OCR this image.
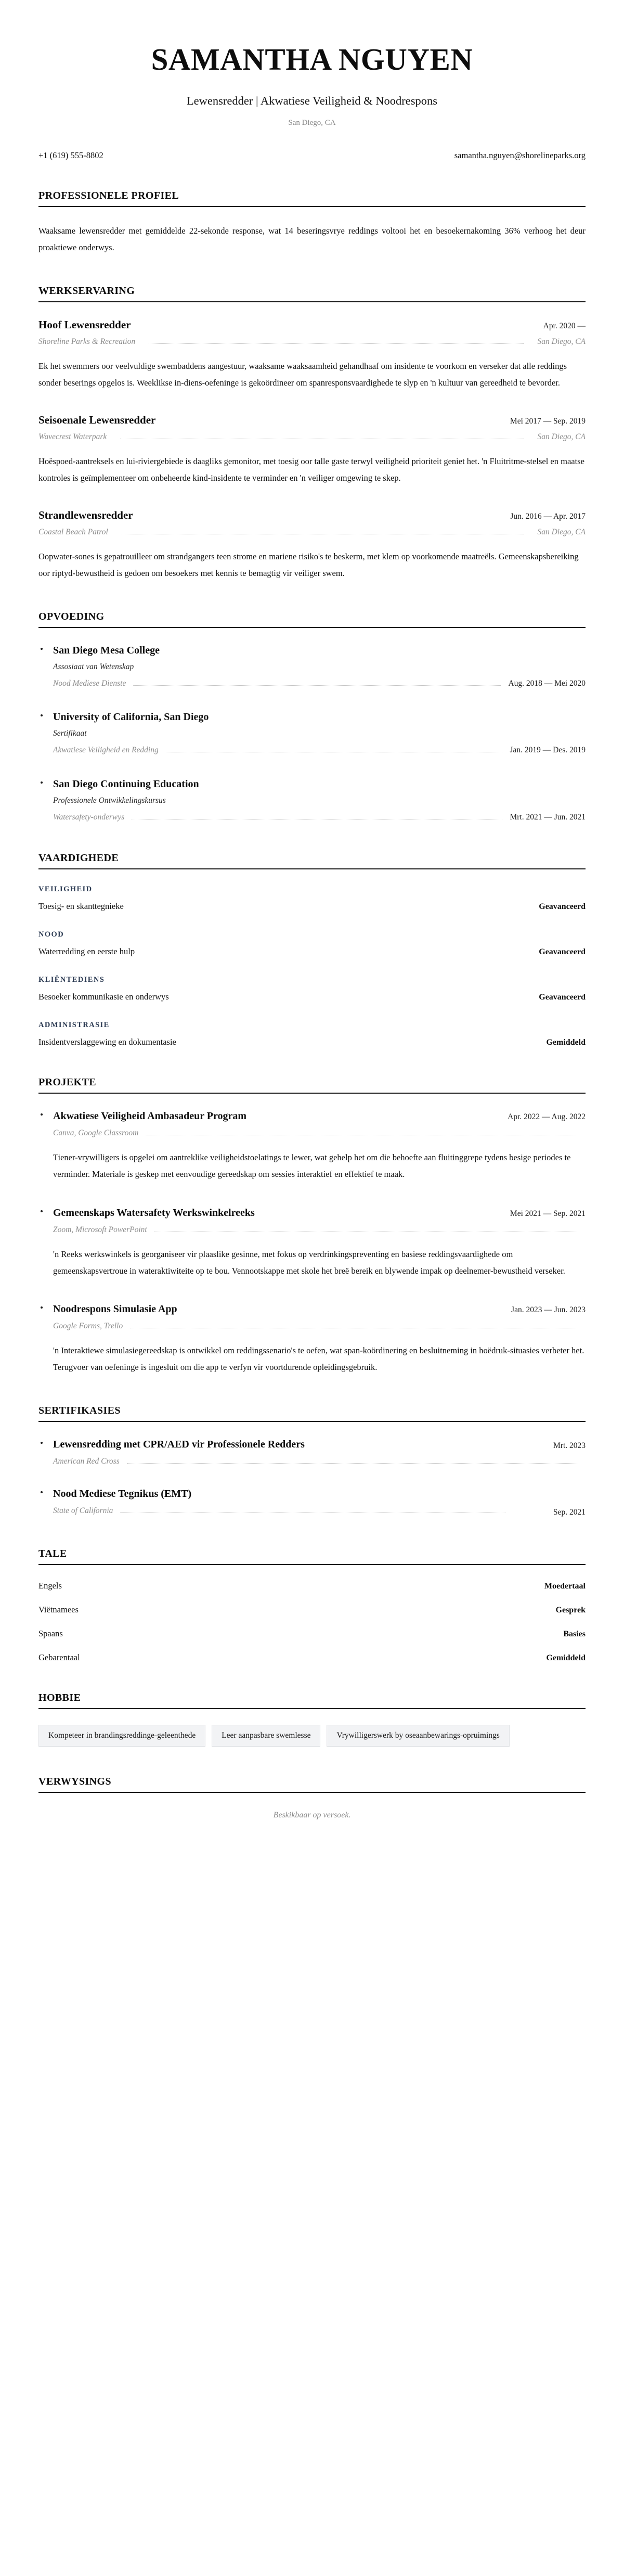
SAMANTHA NGUYEN
Lewensredder | Akwatiese Veiligheid & Noodrespons
San Diego, CA
+1 (619) 555-8802	samantha.nguyen@shorelineparks.org
PROFESSIONELE PROFIEL

Waaksame lewensredder met gemiddelde 22-sekonde response, wat 14 beseringsvrye reddings voltooi het en besoekernakoming 36% verhoog het deur proaktiewe onderwys.

WERKSERVARING
Hoof Lewensredder	Apr. 2020 —
Shoreline Parks & Recreation	San Diego, CA
Ek het swemmers oor veelvuldige swembaddens aangestuur, waaksame waaksaamheid gehandhaaf om insidente te voorkom en verseker dat alle reddings sonder beserings opgelos is. Weeklikse in-diens-oefeninge is gekoördineer om spanresponsvaardighede te slyp en 'n kultuur van gereedheid te bevorder.
Seisoenale Lewensredder	Mei 2017 — Sep. 2019
Wavecrest Waterpark	San Diego, CA
Hoëspoed-aantreksels en lui-riviergebiede is daagliks gemonitor, met toesig oor talle gaste terwyl veiligheid prioriteit geniet het. 'n Fluitritme-stelsel en maatse kontroles is geïmplementeer om onbeheerde kind-insidente te verminder en 'n veiliger omgewing te skep.
Strandlewensredder	Jun. 2016 — Apr. 2017
Coastal Beach Patrol	San Diego, CA
Oopwater-sones is gepatrouilleer om strandgangers teen strome en mariene risiko's te beskerm, met klem op voorkomende maatreëls. Gemeenskapsbereiking oor riptyd-bewustheid is gedoen om besoekers met kennis te bemagtig vir veiliger swem.
OPVOEDING
San Diego Mesa College
Assosiaat van Wetenskap
Nood Mediese Dienste	Aug. 2018 — Mei 2020
University of California, San Diego
Sertifikaat
Akwatiese Veiligheid en Redding	Jan. 2019 — Des. 2019
San Diego Continuing Education
Professionele Ontwikkelingskursus
Watersafety-onderwys	Mrt. 2021 — Jun. 2021
VAARDIGHEDE
VEILIGHEID
Toesig- en skanttegnieke	Geavanceerd
NOOD
Waterredding en eerste hulp	Geavanceerd
KLIËNTEDIENS
Besoeker kommunikasie en onderwys	Geavanceerd
ADMINISTRASIE
Insidentverslaggewing en dokumentasie	Gemiddeld
PROJEKTE
Akwatiese Veiligheid Ambasadeur Program	Apr. 2022 — Aug. 2022
Canva, Google Classroom
Tiener-vrywilligers is opgelei om aantreklike veiligheidstoelatings te lewer, wat gehelp het om die behoefte aan fluitinggrepe tydens besige periodes te verminder. Materiale is geskep met eenvoudige gereedskap om sessies interaktief en effektief te maak.
Gemeenskaps Watersafety Werkswinkelreeks	Mei 2021 — Sep. 2021
Zoom, Microsoft PowerPoint
'n Reeks werkswinkels is georganiseer vir plaaslike gesinne, met fokus op verdrinkingspreventing en basiese reddingsvaardighede om gemeenskapsvertroue in wateraktiwiteite op te bou. Vennootskappe met skole het breë bereik en blywende impak op deelnemer-bewustheid verseker.
Noodrespons Simulasie App	Jan. 2023 — Jun. 2023
Google Forms, Trello
'n Interaktiewe simulasiegereedskap is ontwikkel om reddingssenario's te oefen, wat span-koördinering en besluitneming in hoëdruk-situasies verbeter het. Terugvoer van oefeninge is ingesluit om die app te verfyn vir voortdurende opleidingsgebruik.
SERTIFIKASIES
Lewensredding met CPR/AED vir Professionele Redders	Mrt. 2023
American Red Cross
Nood Mediese Tegnikus (EMT)
State of California	Sep. 2021
TALE
Engels	Moedertaal
Viëtnamees	Gesprek
Spaans	Basies
Gebarentaal	Gemiddeld
HOBBIE
Kompeteer in brandingsreddinge-geleenthede	Leer aanpasbare swemlesse	Vrywilligerswerk by oseaanbewarings-opruimings
VERWYSINGS
Beskikbaar op versoek.
